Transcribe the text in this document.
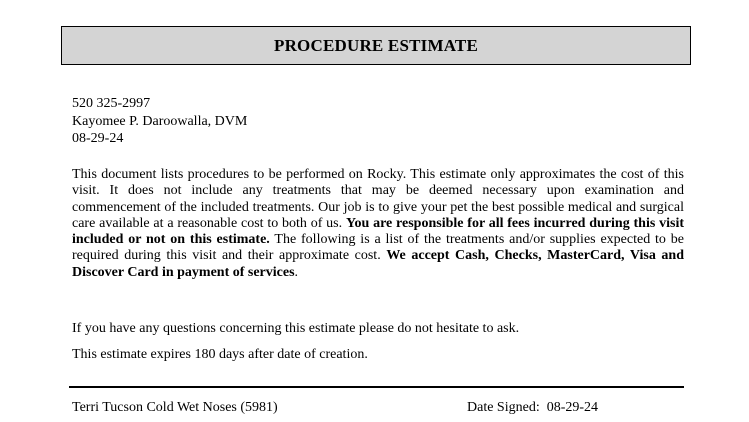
PROCEDURE ESTIMATE
520 325-2997
Kayomee P. Daroowalla, DVM
08-29-24

This document lists procedures to be performed on Rocky. This estimate only approximates the cost of this visit. It does not include any treatments that may be deemed necessary upon examination and commencement of the included treatments. Our job is to give your pet the best possible medical and surgical care available at a reasonable cost to both of us. You are responsible for all fees incurred during this visit included or not on this estimate. The following is a list of the treatments and/or supplies expected to be required during this visit and their approximate cost. We accept Cash, Checks, MasterCard, Visa and Discover Card in payment of services.

If you have any questions concerning this estimate please do not hesitate to ask.

This estimate expires 180 days after date of creation.

Terri Tucson Cold Wet Noses (5981)	Date Signed: 08-29-24
